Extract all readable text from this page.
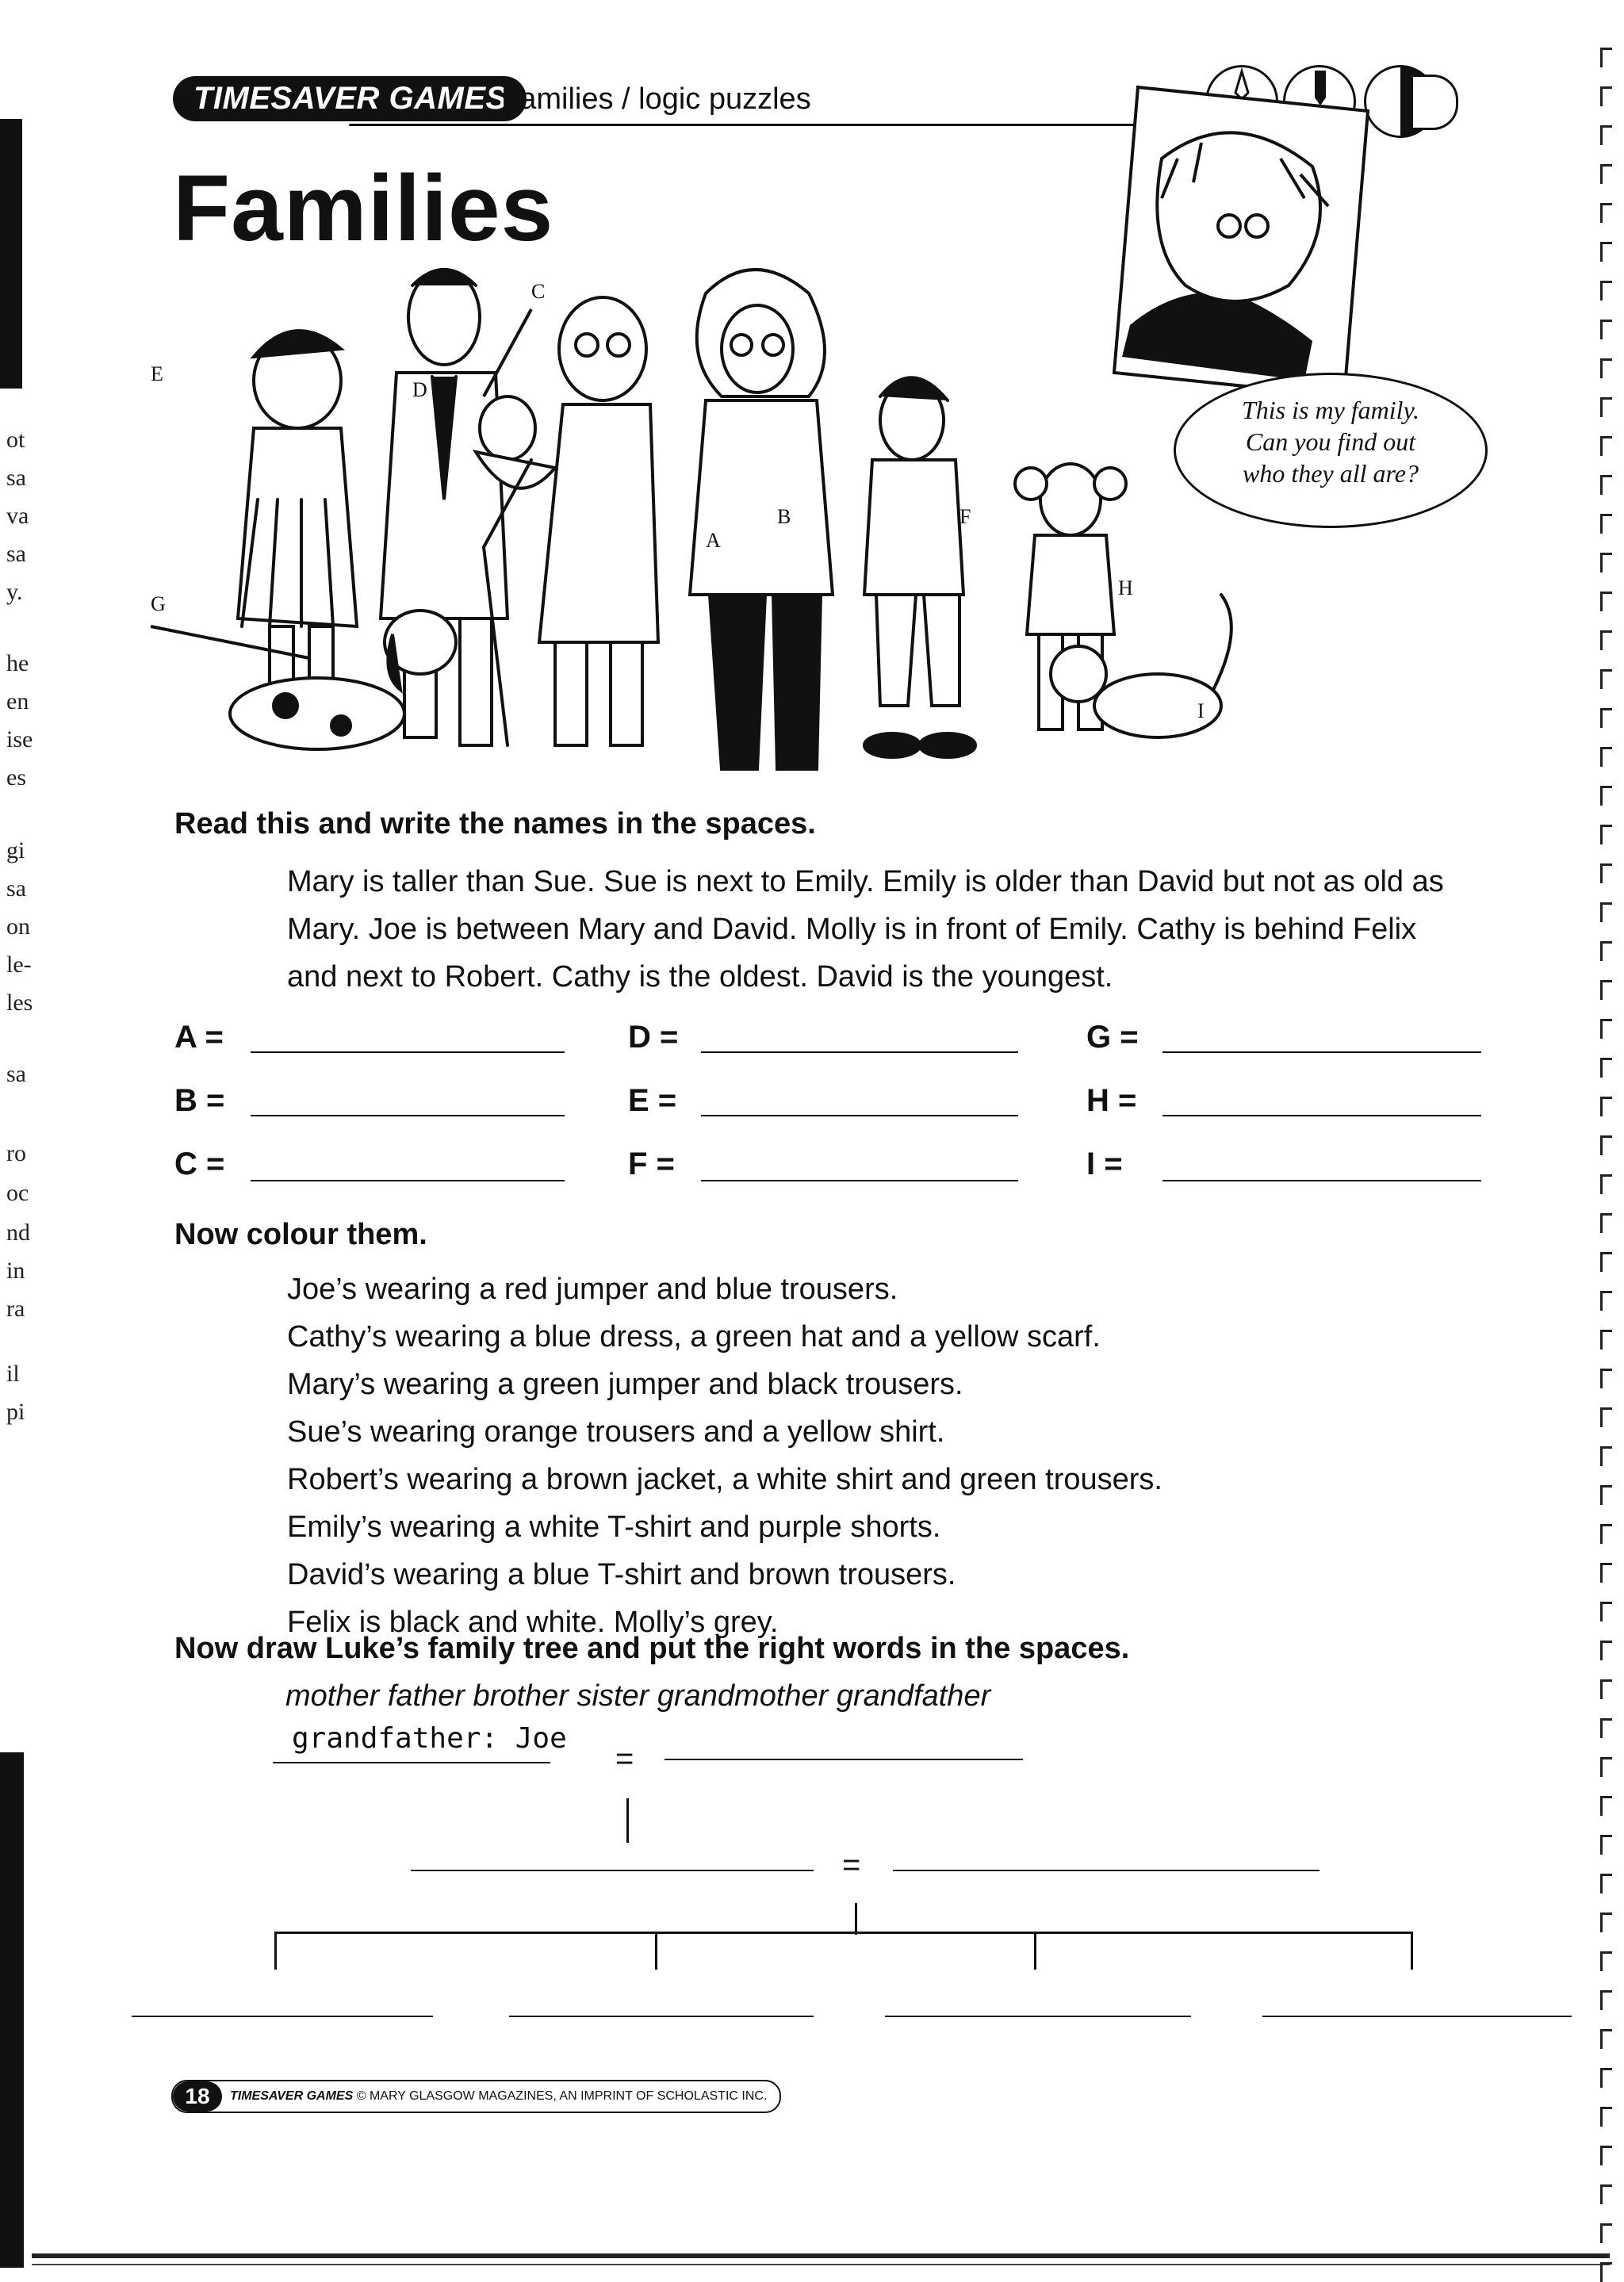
ot
sa
va
sa
y.
he
en
ise
es
gi
sa
on
le-
les
sa
ro
oc
nd
in
ra
il
pi
TIMESAVER GAMES
Families / logic puzzles
Families
This is my family.
Can you find out
who they all are?
E
D
C
A
B	F
G
H
I
Read this and write the names in the spaces.
Mary is taller than Sue. Sue is next to Emily. Emily is older than David but not as old as
Mary. Joe is between Mary and David. Molly is in front of Emily. Cathy is behind Felix
and next to Robert. Cathy is the oldest. David is the youngest.
A =	D =	G =
B =	E =	H =
C =	F =	I =
Now colour them.
Joe’s wearing a red jumper and blue trousers.
Cathy’s wearing a blue dress, a green hat and a yellow scarf.
Mary’s wearing a green jumper and black trousers.
Sue’s wearing orange trousers and a yellow shirt.
Robert’s wearing a brown jacket, a white shirt and green trousers.
Emily’s wearing a white T-shirt and purple shorts.
David’s wearing a blue T-shirt and brown trousers.
Felix is black and white. Molly’s grey.
Now draw Luke’s family tree and put the right words in the spaces.
mother father brother sister grandmother grandfather
grandfather: Joe
=
=
18	TIMESAVER GAMES © MARY GLASGOW MAGAZINES, AN IMPRINT OF SCHOLASTIC INC.
